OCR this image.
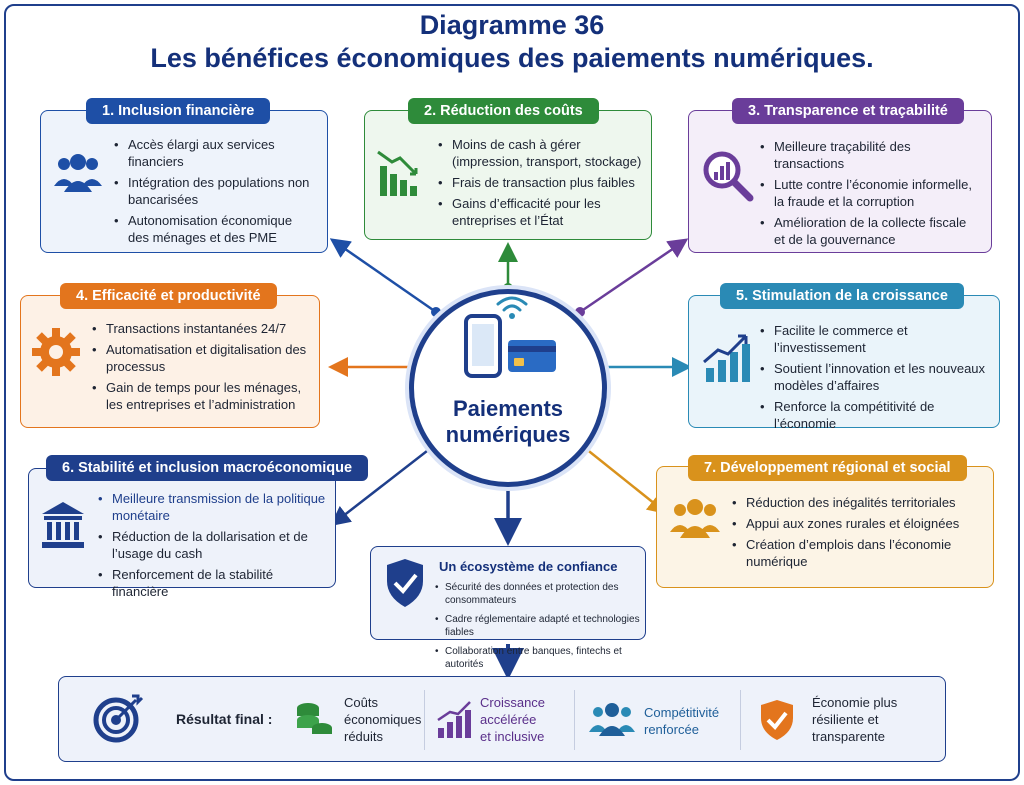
Diagramme 36
Les bénéfices économiques des paiements numériques.
Paiements
numériques
1. Inclusion financière
• Accès élargi aux services financiers
• Intégration des populations non bancarisées
• Autonomisation économique des ménages et des PME
2. Réduction des coûts
• Moins de cash à gérer (impression, transport, stockage)
• Frais de transaction plus faibles
• Gains d’efficacité pour les entreprises et l’État
3. Transparence et traçabilité
• Meilleure traçabilité des transactions
• Lutte contre l’économie informelle, la fraude et la corruption
• Amélioration de la collecte fiscale et de la gouvernance
4. Efficacité et productivité
• Transactions instantanées 24/7
• Automatisation et digitalisation des processus
• Gain de temps pour les ménages, les entreprises et l’administration
5. Stimulation de la croissance
• Facilite le commerce et l’investissement
• Soutient l’innovation et les nouveaux modèles d’affaires
• Renforce la compétitivité de l’économie
6. Stabilité et inclusion macroéconomique
• Meilleure transmission de la politique monétaire
• Réduction de la dollarisation et de l’usage du cash
• Renforcement de la stabilité financière
7. Développement régional et social
• Réduction des inégalités territoriales
• Appui aux zones rurales et éloignées
• Création d’emplois dans l’économie numérique
Un écosystème de confiance
• Sécurité des données et protection des consommateurs
• Cadre réglementaire adapté et technologies fiables
• Collaboration entre banques, fintechs et autorités
Résultat final :
Coûts
économiques
réduits
Croissance
accélérée
et inclusive
Compétitivité
renforcée
Économie plus
résiliente et
transparente
